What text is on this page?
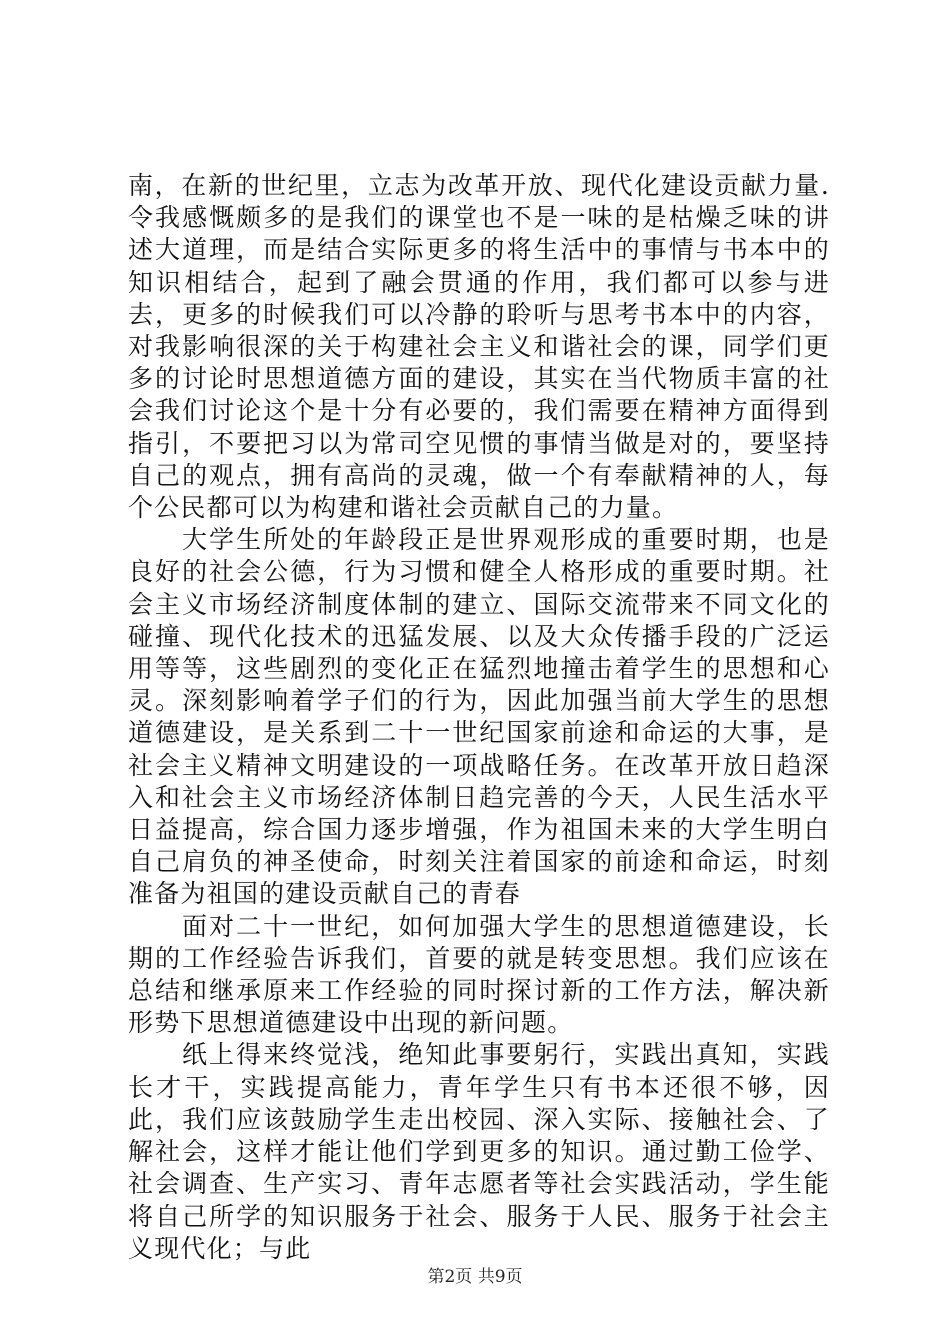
南，在新的世纪里，立志为改革开放、现代化建设贡献力量.令我感慨颇多的是我们的课堂也不是一味的是枯燥乏味的讲述大道理，而是结合实际更多的将生活中的事情与书本中的知识相结合，起到了融会贯通的作用，我们都可以参与进去，更多的时候我们可以冷静的聆听与思考书本中的内容，对我影响很深的关于构建社会主义和谐社会的课，同学们更多的讨论时思想道德方面的建设，其实在当代物质丰富的社会我们讨论这个是十分有必要的，我们需要在精神方面得到指引，不要把习以为常司空见惯的事情当做是对的，要坚持自己的观点，拥有高尚的灵魂，做一个有奉献精神的人，每个公民都可以为构建和谐社会贡献自己的力量。

大学生所处的年龄段正是世界观形成的重要时期，也是良好的社会公德，行为习惯和健全人格形成的重要时期。社会主义市场经济制度体制的建立、国际交流带来不同文化的碰撞、现代化技术的迅猛发展、以及大众传播手段的广泛运用等等，这些剧烈的变化正在猛烈地撞击着学生的思想和心灵。深刻影响着学子们的行为，因此加强当前大学生的思想道德建设，是关系到二十一世纪国家前途和命运的大事，是社会主义精神文明建设的一项战略任务。在改革开放日趋深入和社会主义市场经济体制日趋完善的今天，人民生活水平日益提高，综合国力逐步增强，作为祖国未来的大学生明白自己肩负的神圣使命，时刻关注着国家的前途和命运，时刻准备为祖国的建设贡献自己的青春

面对二十一世纪，如何加强大学生的思想道德建设，长期的工作经验告诉我们，首要的就是转变思想。我们应该在总结和继承原来工作经验的同时探讨新的工作方法，解决新形势下思想道德建设中出现的新问题。

纸上得来终觉浅，绝知此事要躬行，实践出真知，实践长才干，实践提高能力，青年学生只有书本还很不够，因此，我们应该鼓励学生走出校园、深入实际、接触社会、了解社会，这样才能让他们学到更多的知识。通过勤工俭学、社会调查、生产实习、青年志愿者等社会实践活动，学生能将自己所学的知识服务于社会、服务于人民、服务于社会主义现代化；与此

第2页 共9页
